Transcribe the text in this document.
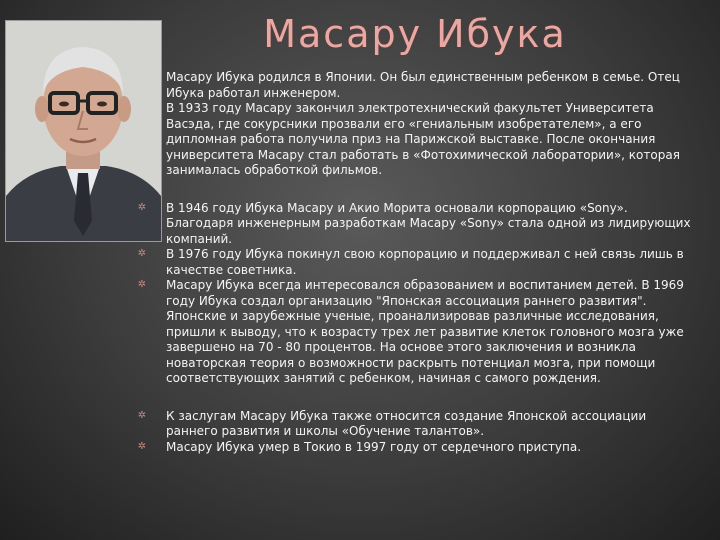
Масару Ибука
Масару Ибука родился в Японии. Он был единственным ребенком в семье. Отец Ибука работал инженером.
В 1933 году Масару закончил электротехнический факультет Университета Васэда, где сокурсники прозвали его «гениальным изобретателем», а его дипломная работа получила приз на Парижской выставке. После окончания университета Масару стал работать в «Фотохимической лаборатории», которая занималась обработкой фильмов.
✲ В 1946 году Ибука Масару и Акио Морита основали корпорацию «Sony». Благодаря инженерным разработкам Масару «Sony» стала одной из лидирующих компаний.
✲ В 1976 году Ибука покинул свою корпорацию и поддерживал с ней связь лишь в качестве советника.
✲ Масару Ибука всегда интересовался образованием и воспитанием детей. В 1969 году Ибука создал организацию "Японская ассоциация раннего развития". Японские и зарубежные ученые, проанализировав различные исследования, пришли к выводу, что к возрасту трех лет развитие клеток головного мозга уже завершено на 70 - 80 процентов. На основе этого заключения и возникла новаторская теория о возможности раскрыть потенциал мозга, при помощи соответствующих занятий с ребенком, начиная с самого рождения.
✲ К заслугам Масару Ибука также относится создание Японской ассоциации раннего развития и школы «Обучение талантов».
✲ Масару Ибука умер в Токио в 1997 году от сердечного приступа.
